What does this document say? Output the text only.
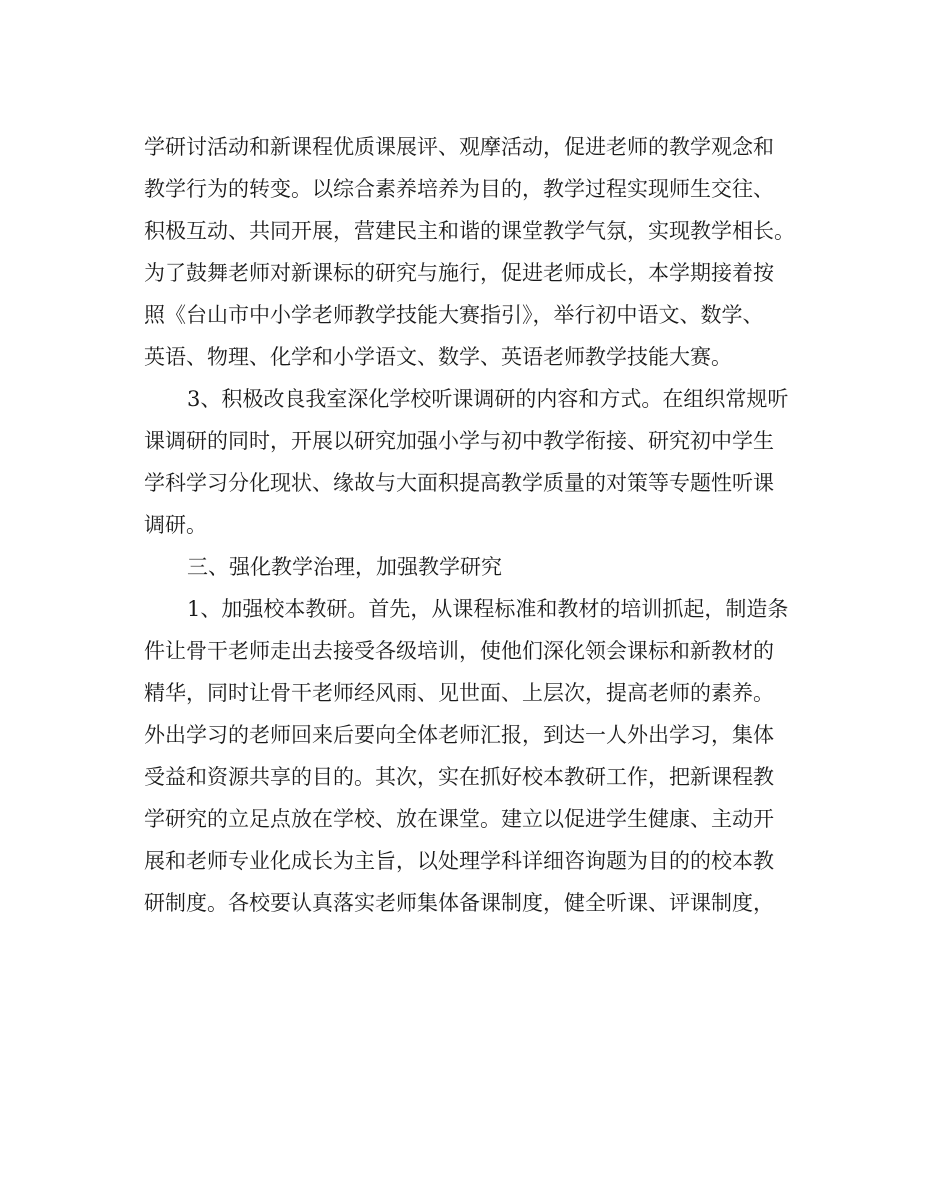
学研讨活动和新课程优质课展评、观摩活动，促进老师的教学观念和
教学行为的转变。以综合素养培养为目的，教学过程实现师生交往、
积极互动、共同开展，营建民主和谐的课堂教学气氛，实现教学相长。
为了鼓舞老师对新课标的研究与施行，促进老师成长，本学期接着按
照《台山市中小学老师教学技能大赛指引》，举行初中语文、数学、
英语、物理、化学和小学语文、数学、英语老师教学技能大赛。
3、积极改良我室深化学校听课调研的内容和方式。在组织常规听
课调研的同时，开展以研究加强小学与初中教学衔接、研究初中学生
学科学习分化现状、缘故与大面积提高教学质量的对策等专题性听课
调研。
三、强化教学治理，加强教学研究
1、加强校本教研。首先，从课程标准和教材的培训抓起，制造条
件让骨干老师走出去接受各级培训，使他们深化领会课标和新教材的
精华，同时让骨干老师经风雨、见世面、上层次，提高老师的素养。
外出学习的老师回来后要向全体老师汇报，到达一人外出学习，集体
受益和资源共享的目的。其次，实在抓好校本教研工作，把新课程教
学研究的立足点放在学校、放在课堂。建立以促进学生健康、主动开
展和老师专业化成长为主旨，以处理学科详细咨询题为目的的校本教
研制度。各校要认真落实老师集体备课制度，健全听课、评课制度，
